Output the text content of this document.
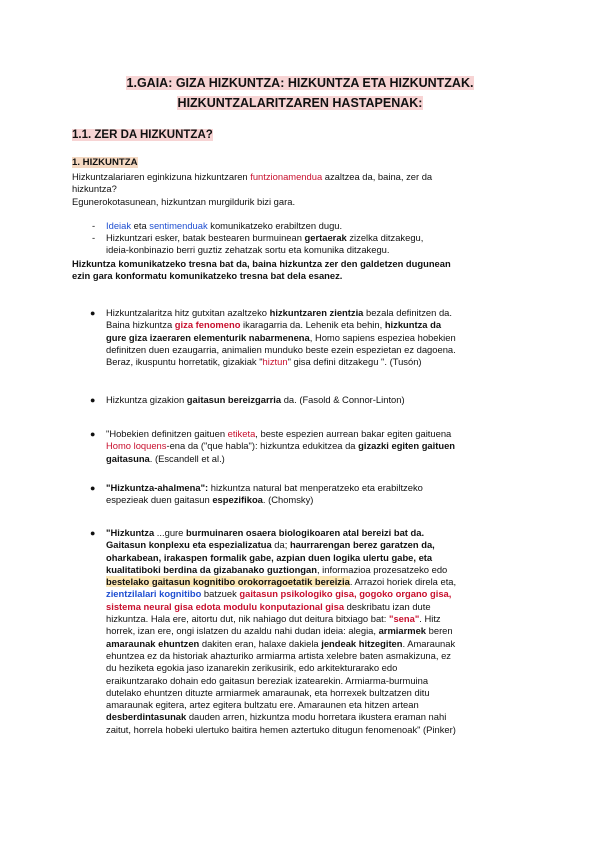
1.GAIA: GIZA HIZKUNTZA: HIZKUNTZA ETA HIZKUNTZAK.
HIZKUNTZALARITZAREN HASTAPENAK:
1.1. ZER DA HIZKUNTZA?
1. HIZKUNTZA
Hizkuntzalariaren eginkizuna hizkuntzaren funtzionamendua azaltzea da, baina, zer da
hizkuntza?
Egunerokotasunean, hizkuntzan murgildurik bizi gara.
- Ideiak eta sentimenduak komunikatzeko erabiltzen dugu.
- Hizkuntzari esker, batak bestearen burmuinean gertaerak zizelka ditzakegu,
ideia-konbinazio berri guztiz zehatzak sortu eta komunika ditzakegu.
Hizkuntza komunikatzeko tresna bat da, baina hizkuntza zer den galdetzen dugunean
ezin gara konformatu komunikatzeko tresna bat dela esanez.
● Hizkuntzalaritza hitz gutxitan azaltzeko hizkuntzaren zientzia bezala definitzen da.
Baina hizkuntza giza fenomeno ikaragarria da. Lehenik eta behin, hizkuntza da
gure giza izaeraren elementurik nabarmenena, Homo sapiens espeziea hobekien
definitzen duen ezaugarria, animalien munduko beste ezein espezietan ez dagoena.
Beraz, ikuspuntu horretatik, gizakiak "hiztun" gisa defini ditzakegu ". (Tusón)
● Hizkuntza gizakion gaitasun bereizgarria da. (Fasold & Connor-Linton)
● "Hobekien definitzen gaituen etiketa, beste espezien aurrean bakar egiten gaituena
Homo loquens-ena da ("que habla"): hizkuntza edukitzea da gizazki egiten gaituen
gaitasuna. (Escandell et al.)
● "Hizkuntza-ahalmena": hizkuntza natural bat menperatzeko eta erabiltzeko
espezieak duen gaitasun espezifikoa. (Chomsky)
● "Hizkuntza ...gure burmuinaren osaera biologikoaren atal bereizi bat da.
Gaitasun konplexu eta espezializatua da; haurrarengan berez garatzen da,
oharkabean, irakaspen formalik gabe, azpian duen logika ulertu gabe, eta
kualitatiboki berdina da gizabanako guztiongan, informazioa prozesatzeko edo
bestelako gaitasun kognitibo orokorragoetatik bereizia. Arrazoi horiek direla eta,
zientzilalari kognitibo batzuek gaitasun psikologiko gisa, gogoko organo gisa,
sistema neural gisa edota modulu konputazional gisa deskribatu izan dute
hizkuntza. Hala ere, aitortu dut, nik nahiago dut deitura bitxiago bat: "sena". Hitz
horrek, izan ere, ongi islatzen du azaldu nahi dudan ideia: alegia, armiarmek beren
amaraunak ehuntzen dakiten eran, halaxe dakiela jendeak hitzegiten. Amaraunak
ehuntzea ez da historiak ahazturiko armiarma artista xelebre baten asmakizuna, ez
du heziketa egokia jaso izanarekin zerikusirik, edo arkitekturarako edo
eraikuntzarako dohain edo gaitasun bereziak izatearekin. Armiarma-burmuina
dutelako ehuntzen dituzte armiarmek amaraunak, eta horrexek bultzatzen ditu
amaraunak egitera, artez egitera bultzatu ere. Amaraunen eta hitzen artean
desberdintasunak dauden arren, hizkuntza modu horretara ikustera eraman nahi
zaitut, horrela hobeki ulertuko baitira hemen aztertuko ditugun fenomenoak" (Pinker)
